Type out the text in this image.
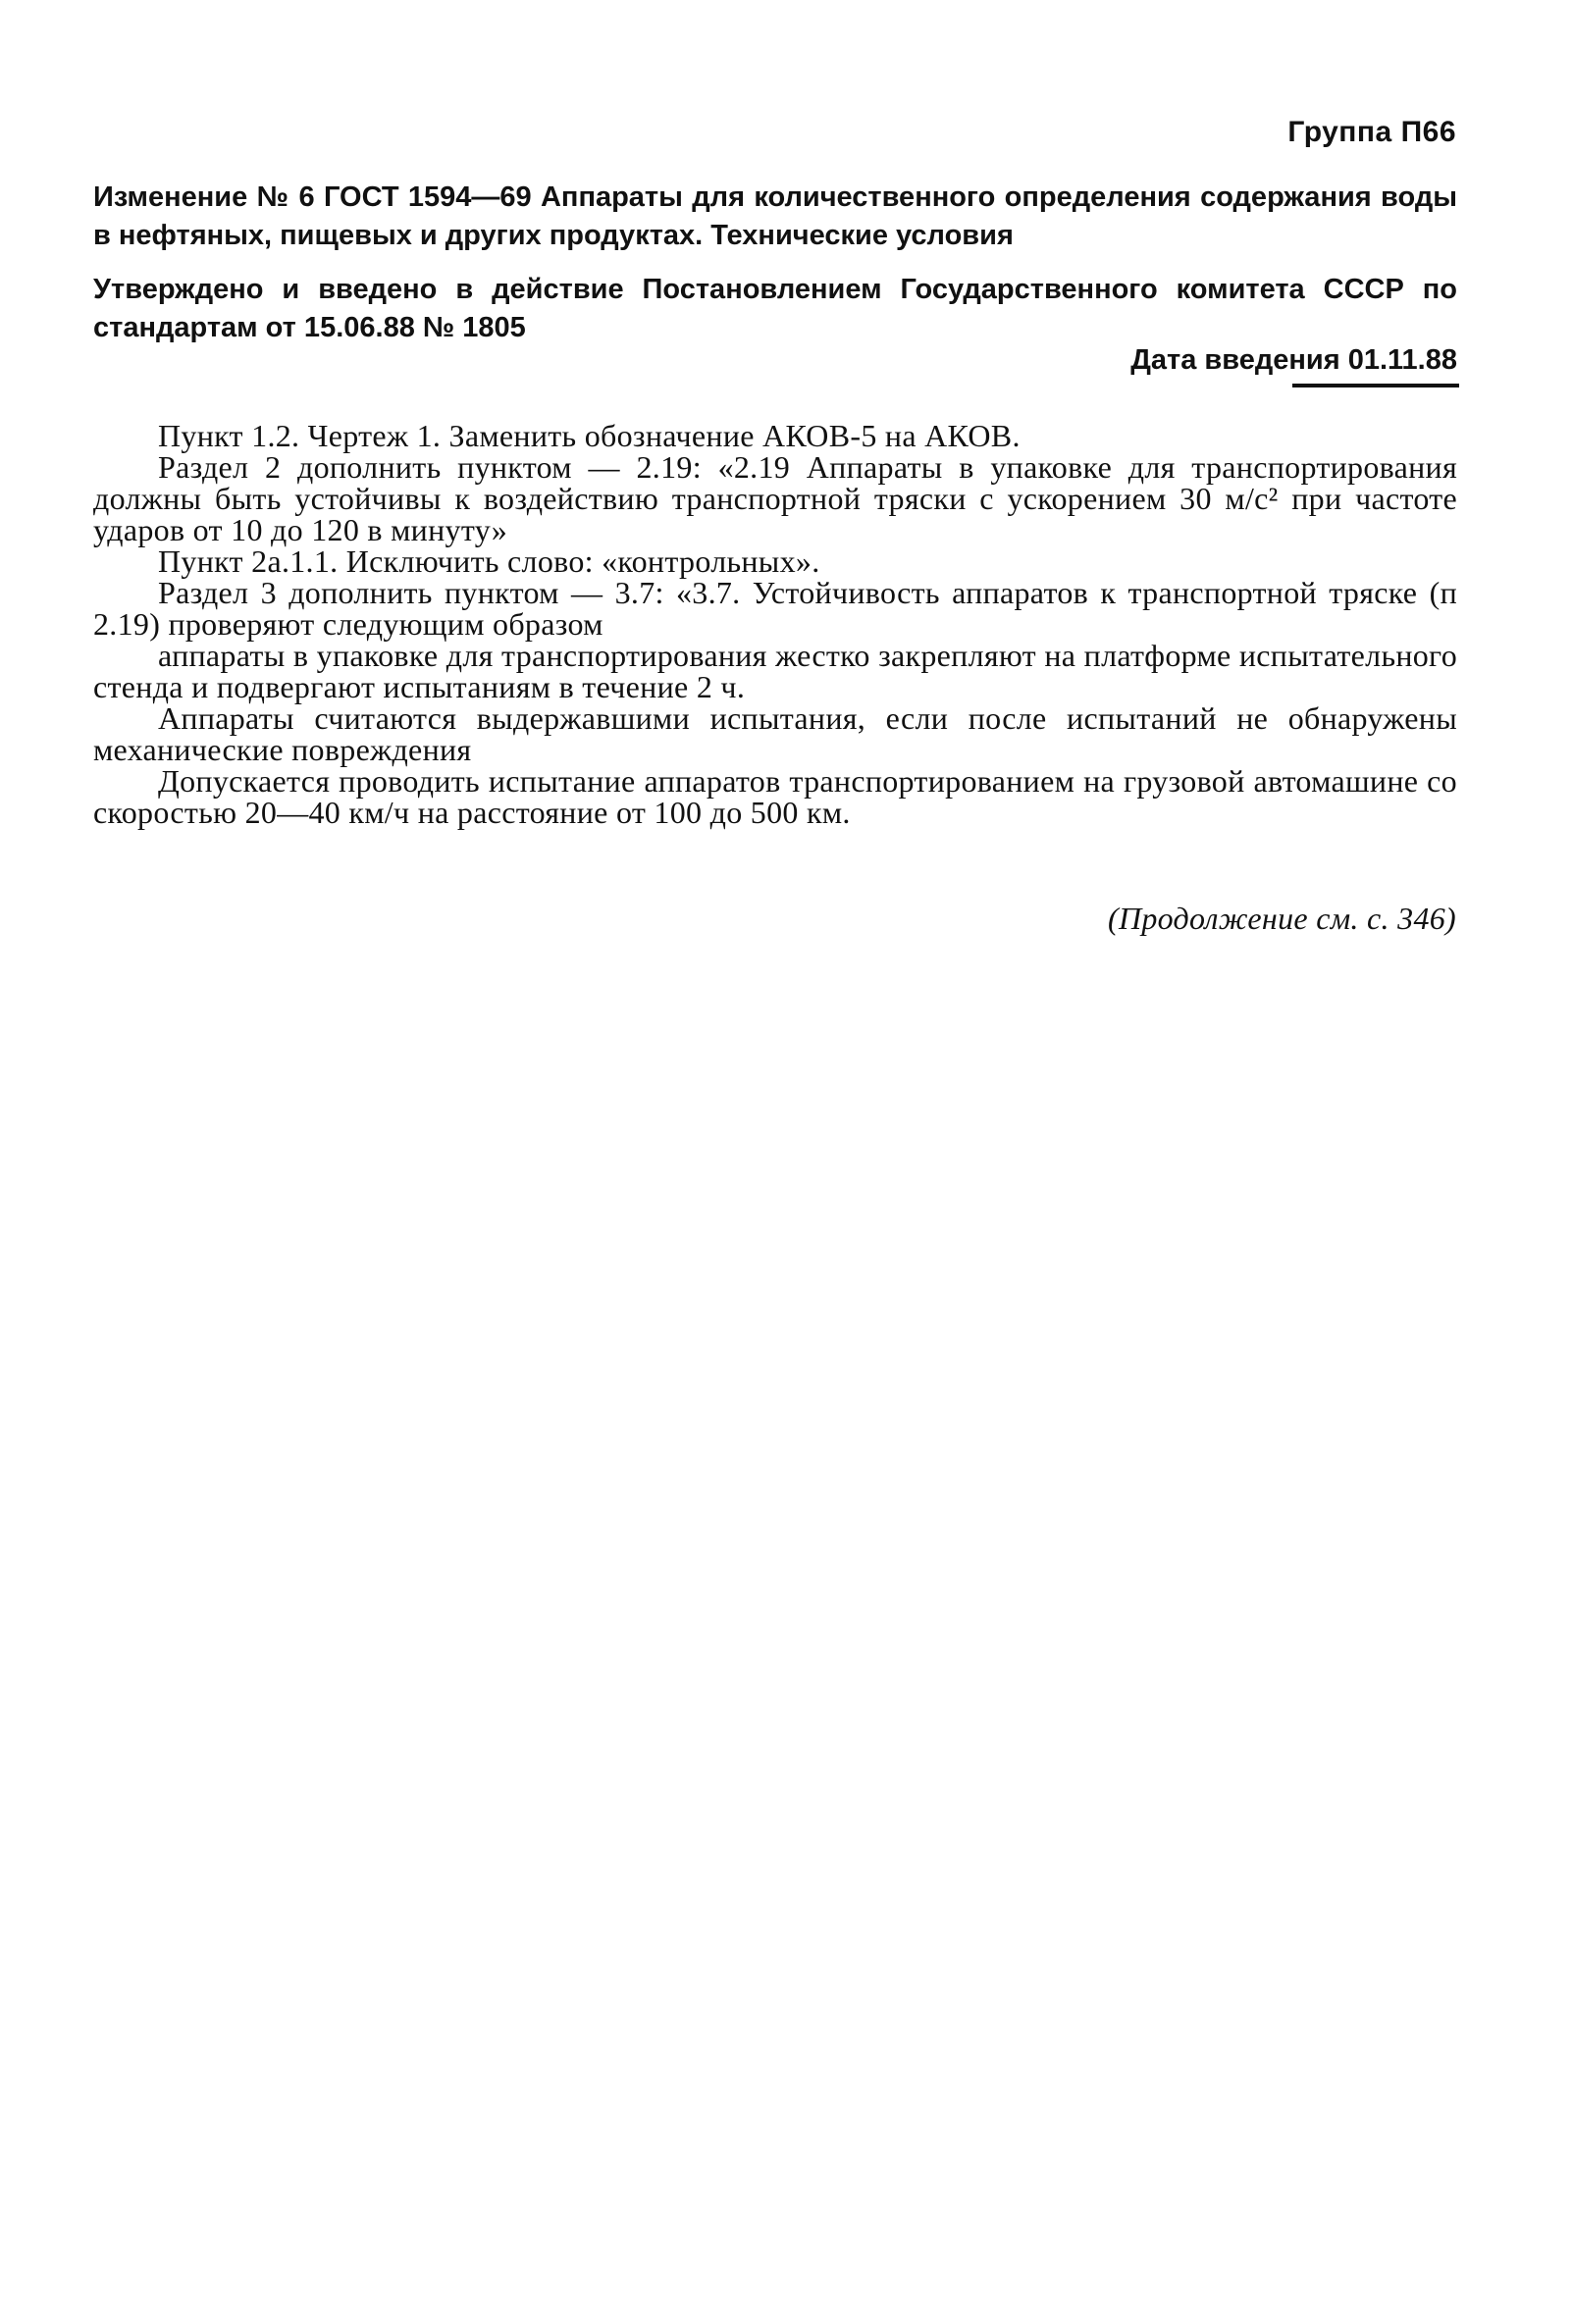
Группа П66
Изменение № 6 ГОСТ 1594—69 Аппараты для количественного определения содержания воды в нефтяных, пищевых и других продуктах. Технические условия
Утверждено и введено в действие Постановлением Государственного комитета СССР по стандартам от 15.06.88 № 1805
Дата введения 01.11.88

Пункт 1.2. Чертеж 1. Заменить обозначение АКОВ-5 на АКОВ.

Раздел 2 дополнить пунктом — 2.19: «2.19 Аппараты в упаковке для транспортирования должны быть устойчивы к воздействию транспортной тряски с ускорением 30 м/с² при частоте ударов от 10 до 120 в минуту»

Пункт 2а.1.1. Исключить слово: «контрольных».

Раздел 3 дополнить пунктом — 3.7: «3.7. Устойчивость аппаратов к транспортной тряске (п 2.19) проверяют следующим образом

аппараты в упаковке для транспортирования жестко закрепляют на платформе испытательного стенда и подвергают испытаниям в течение 2 ч.

Аппараты считаются выдержавшими испытания, если после испытаний не обнаружены механические повреждения

Допускается проводить испытание аппаратов транспортированием на грузовой автомашине со скоростью 20—40 км/ч на расстояние от 100 до 500 км.

(Продолжение см. с. 346)
